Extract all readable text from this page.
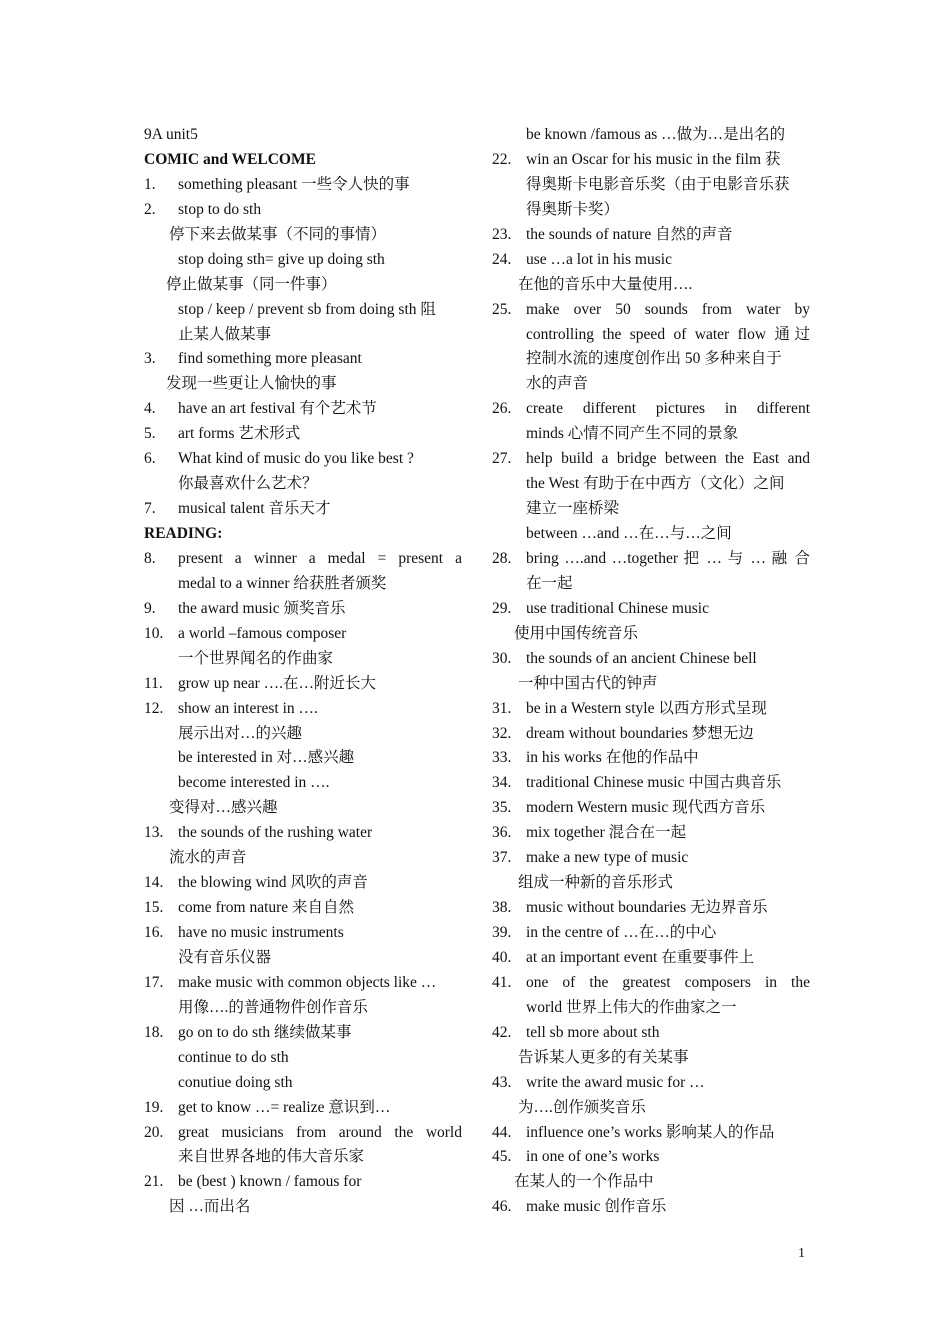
9A unit5
COMIC and WELCOME
1. something pleasant 一些令人快的事
2. stop to do sth
停下来去做某事（不同的事情）
stop doing sth= give up doing sth
停止做某事（同一件事）
stop / keep / prevent sb from doing sth 阻
止某人做某事
3. find something more pleasant
发现一些更让人愉快的事
4. have an art festival 有个艺术节
5. art forms 艺术形式
6. What kind of music do you like best ?
你最喜欢什么艺术？
7. musical talent 音乐天才
READING:
8. present a winner a medal = present a
medal to a winner 给获胜者颁奖
9. the award music 颁奖音乐
10. a world –famous composer
一个世界闻名的作曲家
11. grow up near ….在…附近长大
12. show an interest in ….
展示出对…的兴趣
be interested in 对…感兴趣
become interested in ….
变得对…感兴趣
13. the sounds of the rushing water
流水的声音
14. the blowing wind 风吹的声音
15. come from nature 来自自然
16. have no music instruments
没有音乐仪器
17. make music with common objects like …
用像….的普通物件创作音乐
18. go on to do sth 继续做某事
continue to do sth
conutiue doing sth
19. get to know …= realize 意识到…
20. great musicians from around the world
来自世界各地的伟大音乐家
21. be (best ) known / famous for
因 …而出名
be known /famous as …做为…是出名的
22. win an Oscar for his music in the film 获
得奥斯卡电影音乐奖（由于电影音乐获
得奥斯卡奖）
23. the sounds of nature 自然的声音
24. use …a lot in his music
在他的音乐中大量使用….
25. make over 50 sounds from water by
controlling the speed of water flow 通过
控制水流的速度创作出 50 多种来自于
水的声音
26. create different pictures in different
minds 心情不同产生不同的景象
27. help build a bridge between the East and
the West 有助于在中西方（文化）之间
建立一座桥梁
between …and …在…与…之间
28. bring ….and …together 把 … 与 … 融 合
在一起
29. use traditional Chinese music
使用中国传统音乐
30. the sounds of an ancient Chinese bell
一种中国古代的钟声
31. be in a Western style 以西方形式呈现
32. dream without boundaries 梦想无边
33. in his works 在他的作品中
34. traditional Chinese music 中国古典音乐
35. modern Western music 现代西方音乐
36. mix together 混合在一起
37. make a new type of music
组成一种新的音乐形式
38. music without boundaries 无边界音乐
39. in the centre of …在…的中心
40. at an important event 在重要事件上
41. one of the greatest composers in the
world 世界上伟大的作曲家之一
42. tell sb more about sth
告诉某人更多的有关某事
43. write the award music for …
为….创作颁奖音乐
44. influence one’s works 影响某人的作品
45. in one of one’s works
在某人的一个作品中
46. make music 创作音乐
1
